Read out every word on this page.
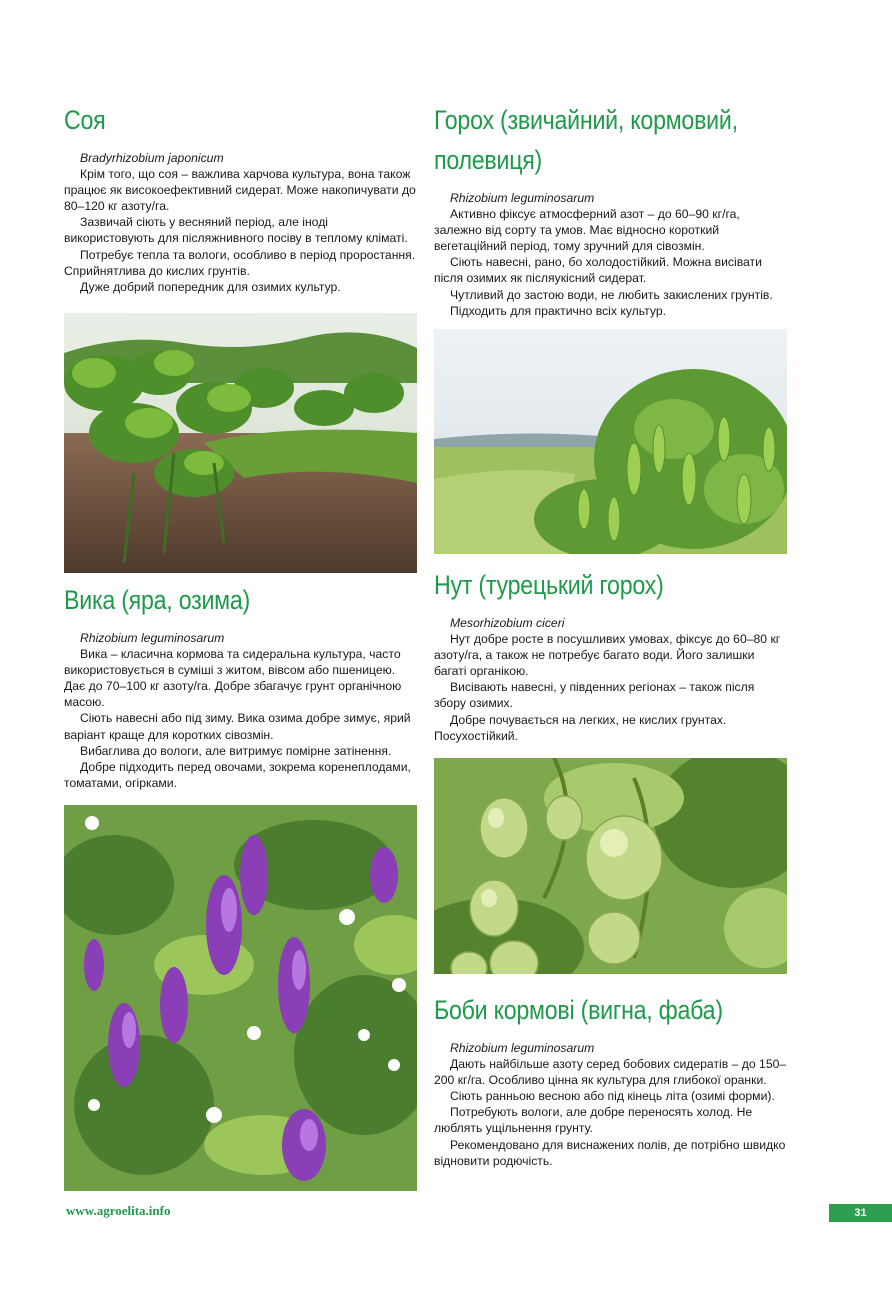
Соя

Bradyrhizobium japonicum

Крім того, що соя – важлива харчова культура, вона також працює як високоефективний сидерат. Може накопичувати до 80–120 кг азоту/га.

Зазвичай сіють у весняний період, але іноді використовують для післяжнивного посіву в теплому кліматі.

Потребує тепла та вологи, особливо в період проростання. Сприйнятлива до кислих грунтів.

Дуже добрий попередник для озимих культур.

Вика (яра, озима)

Rhizobium leguminosarum

Вика – класична кормова та сидеральна культура, часто використовується в суміші з житом, вівсом або пшеницею. Дає до 70–100 кг азоту/га. Добре збагачує грунт органічною масою.

Сіють навесні або під зиму. Вика озима добре зимує, ярий варіант краще для коротких сівозмін.

Вибаглива до вологи, але витримує помірне затінення.

Добре підходить перед овочами, зокрема коренеплодами, томатами, огірками.

Горох (звичайний, кормовий, полевиця)

Rhizobium leguminosarum

Активно фіксує атмосферний азот – до 60–90 кг/га, залежно від сорту та умов. Має відносно короткий вегетаційний період, тому зручний для сівозмін.

Сіють навесні, рано, бо холодостійкий. Можна висівати після озимих як післяукісний сидерат.

Чутливий до застою води, не любить закислених грунтів.

Підходить для практично всіх культур.

Нут (турецький горох)

Mesorhizobium ciceri

Нут добре росте в посушливих умовах, фіксує до 60–80 кг азоту/га, а також не потребує багато води. Його залишки багаті органікою.

Висівають навесні, у південних регіонах – також після збору озимих.

Добре почувається на легких, не кислих грунтах. Посухостійкий.

Боби кормові (вигна, фаба)

Rhizobium leguminosarum

Дають найбільше азоту серед бобових сидератів – до 150–200 кг/га. Особливо цінна як культура для глибокої оранки.

Сіють ранньою весною або під кінець літа (озимі форми).

Потребують вологи, але добре переносять холод. Не люблять ущільнення грунту.

Рекомендовано для виснажених полів, де потрібно швидко відновити родючість.

www.agroelita.info	31
